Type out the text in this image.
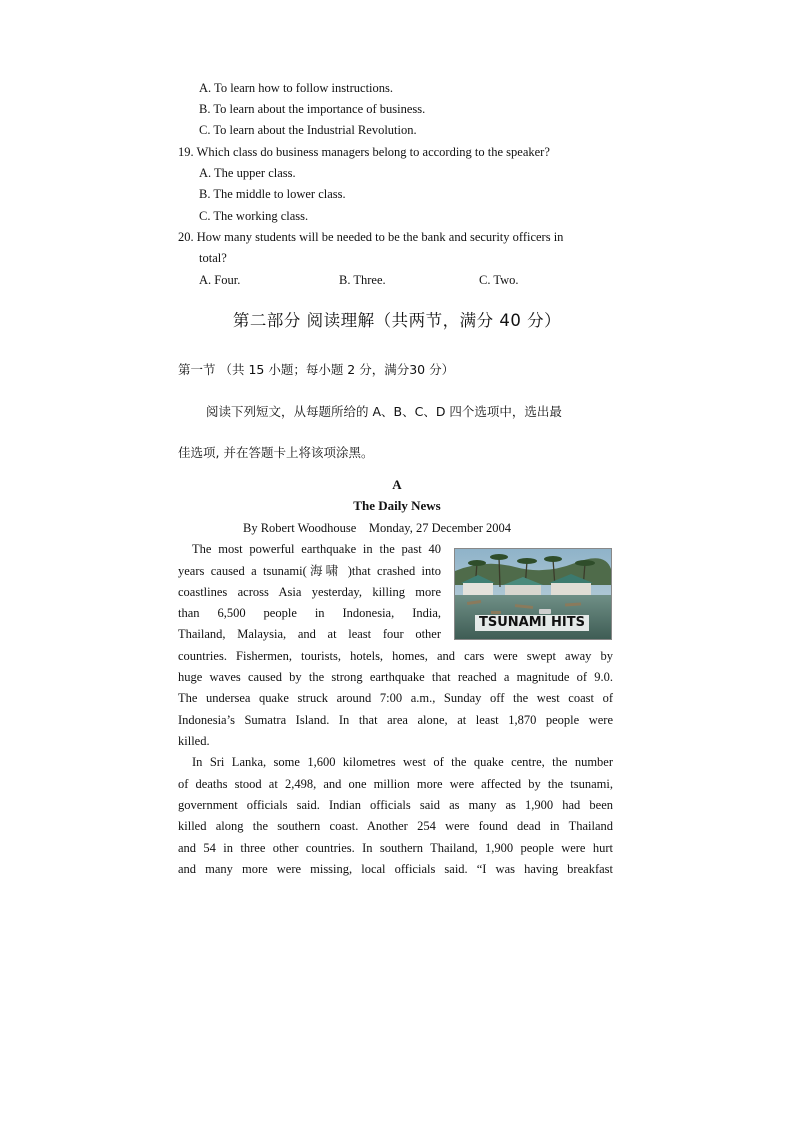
A. To learn how to follow instructions.
B. To learn about the importance of business.
C. To learn about the Industrial Revolution.
19. Which class do business managers belong to according to the speaker?
A. The upper class.
B. The middle to lower class.
C. The working class.
20. How many students will be needed to be the bank and security officers in
total?
A. Four.	B. Three.	C. Two.
第二部分 阅读理解（共两节，满分 40 分）
第一节 （共 15 小题；每小题 2 分，满分30 分）
阅读下列短文，从每题所给的 A、B、C、D 四个选项中，选出最
佳选项, 并在答题卡上将该项涂黑。
A
The Daily News
By Robert Woodhouse    Monday, 27 December 2004
TSUNAMI HITS
The most powerful earthquake in the past 40
years caused a tsunami(海啸 )that crashed into
coastlines across Asia yesterday, killing more
than 6,500 people in Indonesia, India,
Thailand, Malaysia, and at least four other
countries. Fishermen, tourists, hotels, homes, and cars were swept away by
huge waves caused by the strong earthquake that reached a magnitude of 9.0.
The undersea quake struck around 7:00 a.m., Sunday off the west coast of
Indonesia’s Sumatra Island. In that area alone, at least 1,870 people were
killed.
In Sri Lanka, some 1,600 kilometres west of the quake centre, the number
of deaths stood at 2,498, and one million more were affected by the tsunami,
government officials said. Indian officials said as many as 1,900 had been
killed along the southern coast. Another 254 were found dead in Thailand
and 54 in three other countries. In southern Thailand, 1,900 people were hurt
and many more were missing, local officials said. “I was having breakfast
